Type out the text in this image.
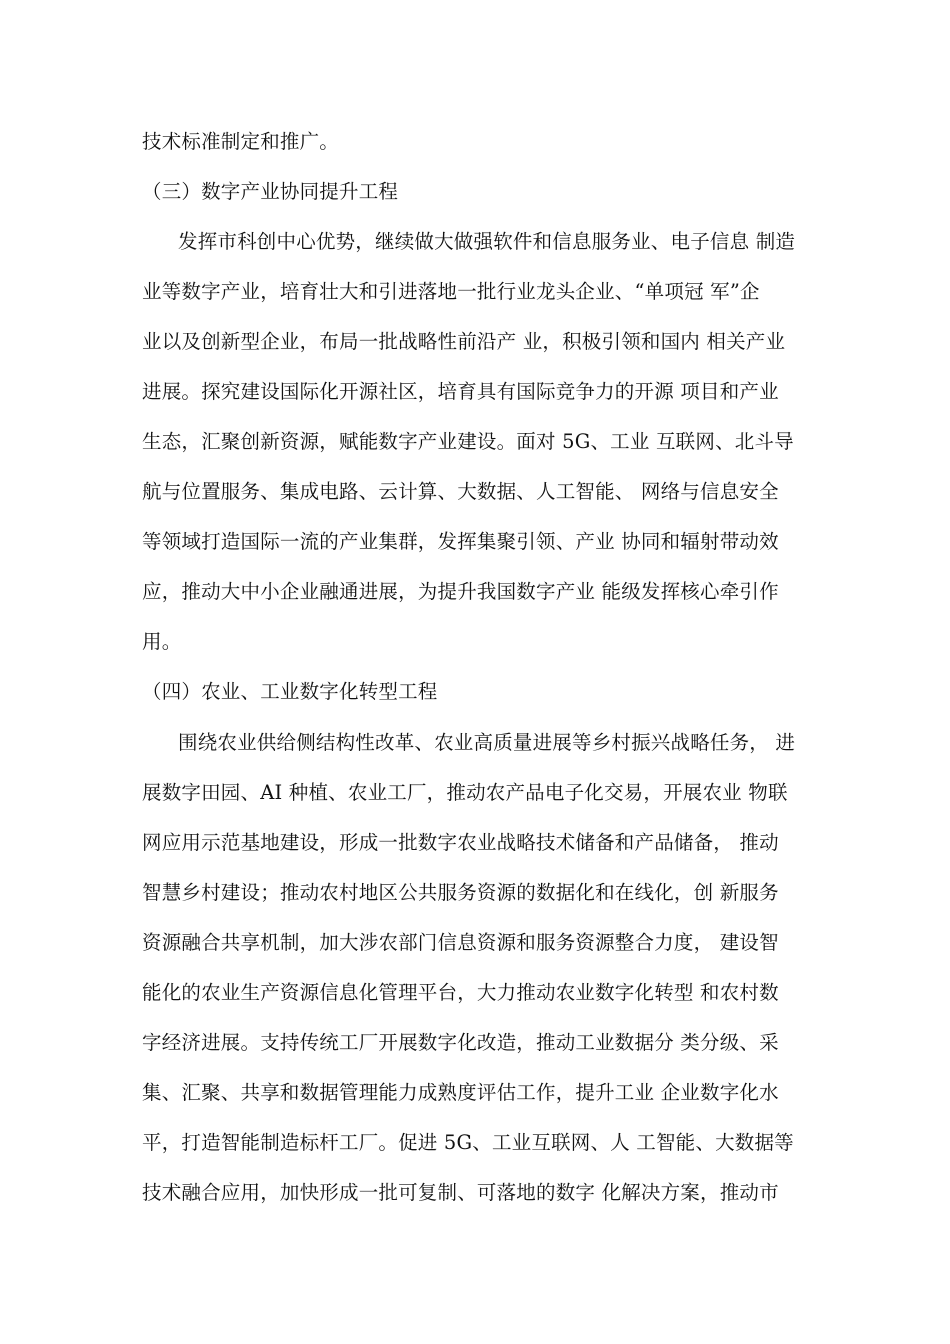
技术标准制定和推广。
（三）数字产业协同提升工程
发挥市科创中心优势，继续做大做强软件和信息服务业、电子信息 制造
业等数字产业，培育壮大和引进落地一批行业龙头企业、“单项冠 军”企
业以及创新型企业，布局一批战略性前沿产 业，积极引领和国内 相关产业
进展。探究建设国际化开源社区，培育具有国际竞争力的开源 项目和产业
生态，汇聚创新资源，赋能数字产业建设。面对 5G、工业 互联网、北斗导
航与位置服务、集成电路、云计算、大数据、人工智能、 网络与信息安全
等领域打造国际一流的产业集群，发挥集聚引领、产业 协同和辐射带动效
应，推动大中小企业融通进展，为提升我国数字产业 能级发挥核心牵引作
用。
（四）农业、工业数字化转型工程
围绕农业供给侧结构性改革、农业高质量进展等乡村振兴战略任务， 进
展数字田园、AI 种植、农业工厂，推动农产品电子化交易，开展农业 物联
网应用示范基地建设，形成一批数字农业战略技术储备和产品储备， 推动
智慧乡村建设；推动农村地区公共服务资源的数据化和在线化，创 新服务
资源融合共享机制，加大涉农部门信息资源和服务资源整合力度， 建设智
能化的农业生产资源信息化管理平台，大力推动农业数字化转型 和农村数
字经济进展。支持传统工厂开展数字化改造，推动工业数据分 类分级、采
集、汇聚、共享和数据管理能力成熟度评估工作，提升工业 企业数字化水
平，打造智能制造标杆工厂。促进 5G、工业互联网、人 工智能、大数据等
技术融合应用，加快形成一批可复制、可落地的数字 化解决方案，推动市
